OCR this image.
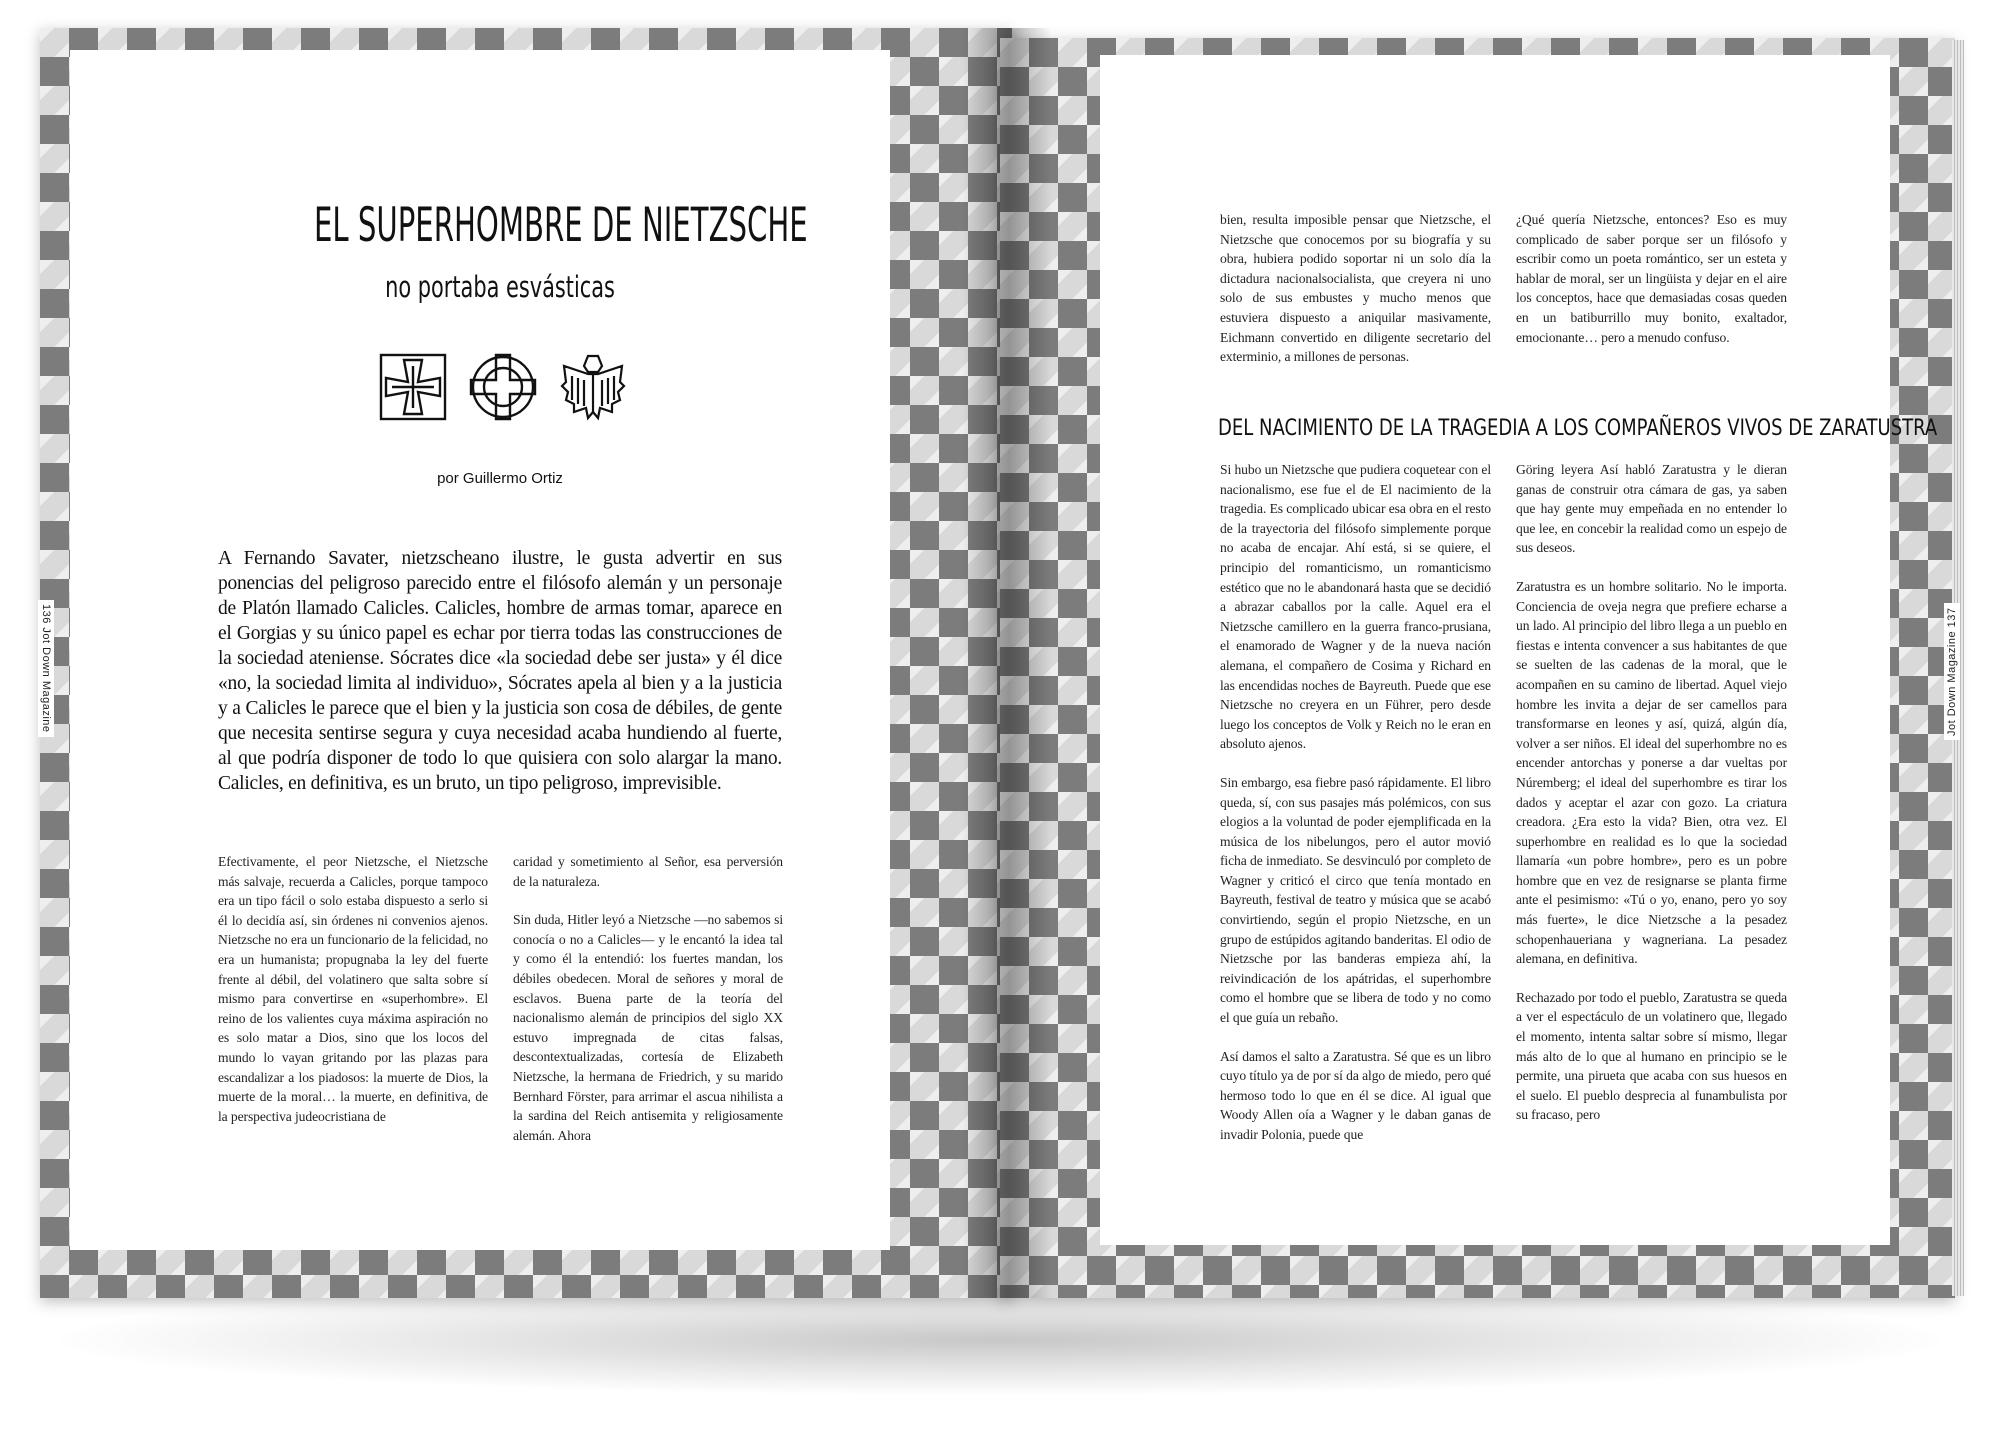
136 Jot Down Magazine	Jot Down Magazine 137
EL SUPERHOMBRE DE NIETZSCHE
no portaba esvásticas
por Guillermo Ortiz
A Fernando Savater, nietzscheano ilustre, le gusta advertir en sus ponencias del peligroso parecido entre el filósofo alemán y un personaje de Platón llamado Calicles. Calicles, hombre de armas tomar, aparece en el Gorgias y su único papel es echar por tierra todas las construcciones de la sociedad ateniense. Sócrates dice «la sociedad debe ser justa» y él dice «no, la sociedad limita al individuo», Sócrates apela al bien y a la justicia y a Calicles le parece que el bien y la justicia son cosa de débiles, de gente que necesita sentirse segura y cuya necesidad acaba hundiendo al fuerte, al que podría disponer de todo lo que quisiera con solo alargar la mano. Calicles, en definitiva, es un bruto, un tipo peligroso, imprevisible.

Efectivamente, el peor Nietzsche, el Nietzsche más salvaje, recuerda a Calicles, porque tampoco era un tipo fácil o solo estaba dispuesto a serlo si él lo decidía así, sin órdenes ni convenios ajenos. Nietzsche no era un funcionario de la felicidad, no era un humanista; propugnaba la ley del fuerte frente al débil, del volatinero que salta sobre sí mismo para convertirse en «superhombre». El reino de los valientes cuya máxima aspiración no es solo matar a Dios, sino que los locos del mundo lo vayan gritando por las plazas para escandalizar a los piadosos: la muerte de Dios, la muerte de la moral… la muerte, en definitiva, de la perspectiva judeocristiana de

caridad y sometimiento al Señor, esa perversión de la naturaleza.

Sin duda, Hitler leyó a Nietzsche —no sabemos si conocía o no a Calicles— y le encantó la idea tal y como él la entendió: los fuertes mandan, los débiles obedecen. Moral de señores y moral de esclavos. Buena parte de la teoría del nacionalismo alemán de principios del siglo XX estuvo impregnada de citas falsas, descontextualizadas, cortesía de Elizabeth Nietzsche, la hermana de Friedrich, y su marido Bernhard Förster, para arrimar el ascua nihilista a la sardina del Reich antisemita y religiosamente alemán. Ahora

bien, resulta imposible pensar que Nietzsche, el Nietzsche que conocemos por su biografía y su obra, hubiera podido soportar ni un solo día la dictadura nacionalsocialista, que creyera ni uno solo de sus embustes y mucho menos que estuviera dispuesto a aniquilar masivamente, Eichmann convertido en diligente secretario del exterminio, a millones de personas.

¿Qué quería Nietzsche, entonces? Eso es muy complicado de saber porque ser un filósofo y escribir como un poeta romántico, ser un esteta y hablar de moral, ser un lingüista y dejar en el aire los conceptos, hace que demasiadas cosas queden en un batiburrillo muy bonito, exaltador, emocionante… pero a menudo confuso.

DEL NACIMIENTO DE LA TRAGEDIA A LOS COMPAÑEROS VIVOS DE ZARATUSTRA

Si hubo un Nietzsche que pudiera coquetear con el nacionalismo, ese fue el de El nacimiento de la tragedia. Es complicado ubicar esa obra en el resto de la trayectoria del filósofo simplemente porque no acaba de encajar. Ahí está, si se quiere, el principio del romanticismo, un romanticismo estético que no le abandonará hasta que se decidió a abrazar caballos por la calle. Aquel era el Nietzsche camillero en la guerra franco-prusiana, el enamorado de Wagner y de la nueva nación alemana, el compañero de Cosima y Richard en las encendidas noches de Bayreuth. Puede que ese Nietzsche no creyera en un Führer, pero desde luego los conceptos de Volk y Reich no le eran en absoluto ajenos.

Sin embargo, esa fiebre pasó rápidamente. El libro queda, sí, con sus pasajes más polémicos, con sus elogios a la voluntad de poder ejemplificada en la música de los nibelungos, pero el autor movió ficha de inmediato. Se desvinculó por completo de Wagner y criticó el circo que tenía montado en Bayreuth, festival de teatro y música que se acabó convirtiendo, según el propio Nietzsche, en un grupo de estúpidos agitando banderitas. El odio de Nietzsche por las banderas empieza ahí, la reivindicación de los apátridas, el superhombre como el hombre que se libera de todo y no como el que guía un rebaño.

Así damos el salto a Zaratustra. Sé que es un libro cuyo título ya de por sí da algo de miedo, pero qué hermoso todo lo que en él se dice. Al igual que Woody Allen oía a Wagner y le daban ganas de invadir Polonia, puede que

Göring leyera Así habló Zaratustra y le dieran ganas de construir otra cámara de gas, ya saben que hay gente muy empeñada en no entender lo que lee, en concebir la realidad como un espejo de sus deseos.

Zaratustra es un hombre solitario. No le importa. Conciencia de oveja negra que prefiere echarse a un lado. Al principio del libro llega a un pueblo en fiestas e intenta convencer a sus habitantes de que se suelten de las cadenas de la moral, que le acompañen en su camino de libertad. Aquel viejo hombre les invita a dejar de ser camellos para transformarse en leones y así, quizá, algún día, volver a ser niños. El ideal del superhombre no es encender antorchas y ponerse a dar vueltas por Núremberg; el ideal del superhombre es tirar los dados y aceptar el azar con gozo. La criatura creadora. ¿Era esto la vida? Bien, otra vez. El superhombre en realidad es lo que la sociedad llamaría «un pobre hombre», pero es un pobre hombre que en vez de resignarse se planta firme ante el pesimismo: «Tú o yo, enano, pero yo soy más fuerte», le dice Nietzsche a la pesadez schopenhaueriana y wagneriana. La pesadez alemana, en definitiva.

Rechazado por todo el pueblo, Zaratustra se queda a ver el espectáculo de un volatinero que, llegado el momento, intenta saltar sobre sí mismo, llegar más alto de lo que al humano en principio se le permite, una pirueta que acaba con sus huesos en el suelo. El pueblo desprecia al funambulista por su fracaso, pero
